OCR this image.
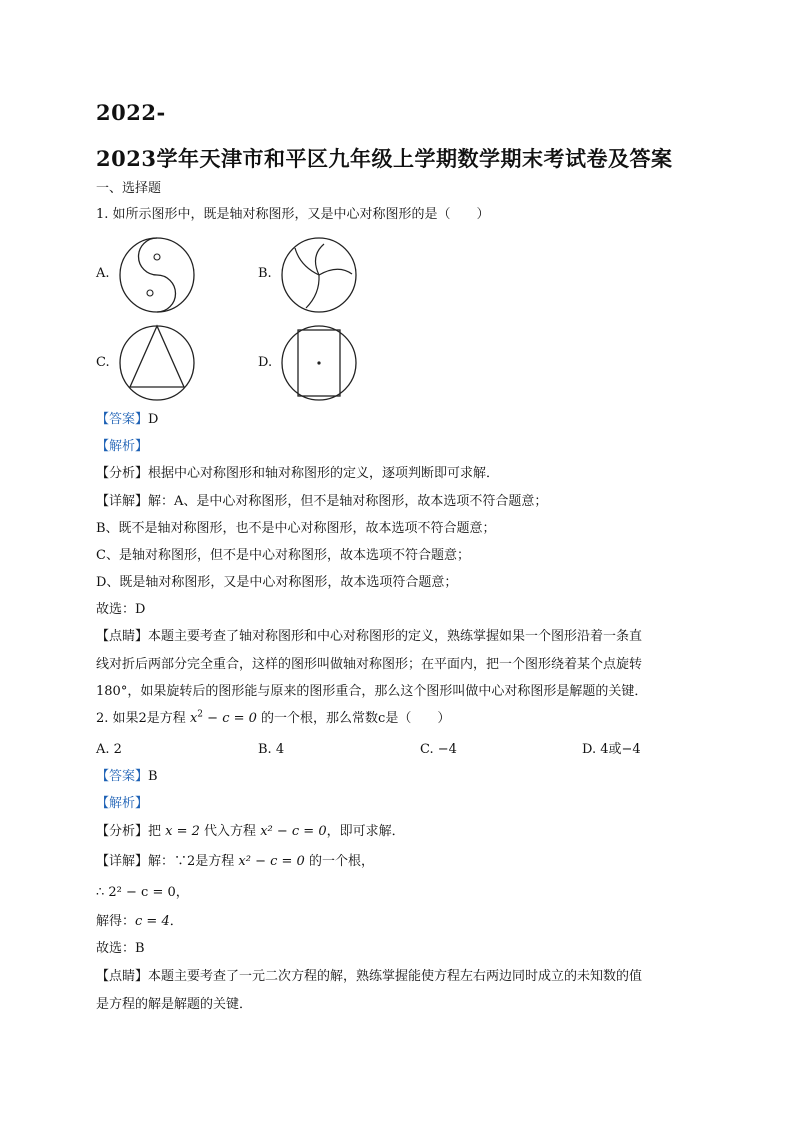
2022-
2023学年天津市和平区九年级上学期数学期末考试卷及答案
一、选择题
1. 如所示图形中，既是轴对称图形，又是中心对称图形的是（　　）
A.	B.
C.	D.
【答案】D
【解析】
【分析】根据中心对称图形和轴对称图形的定义，逐项判断即可求解．
【详解】解：A、是中心对称图形，但不是轴对称图形，故本选项不符合题意；
B、既不是轴对称图形，也不是中心对称图形，故本选项不符合题意；
C、是轴对称图形，但不是中心对称图形，故本选项不符合题意；
D、既是轴对称图形，又是中心对称图形，故本选项符合题意；
故选：D
【点睛】本题主要考查了轴对称图形和中心对称图形的定义，熟练掌握如果一个图形沿着一条直
线对折后两部分完全重合，这样的图形叫做轴对称图形；在平面内，把一个图形绕着某个点旋转
180°，如果旋转后的图形能与原来的图形重合，那么这个图形叫做中心对称图形是解题的关键．
2. 如果2是方程 $x^2 - c = 0$ 的一个根，那么常数c是（　　）
A. 2	B. 4	C. −4	D. 4或−4
【答案】B
【解析】
【分析】把 x = 2 代入方程 x² − c = 0，即可求解．
【详解】解：∵2是方程 x² − c = 0 的一个根，
∴ 2² − c = 0，
解得：c = 4．
故选：B
【点睛】本题主要考查了一元二次方程的解，熟练掌握能使方程左右两边同时成立的未知数的值
是方程的解是解题的关键．
